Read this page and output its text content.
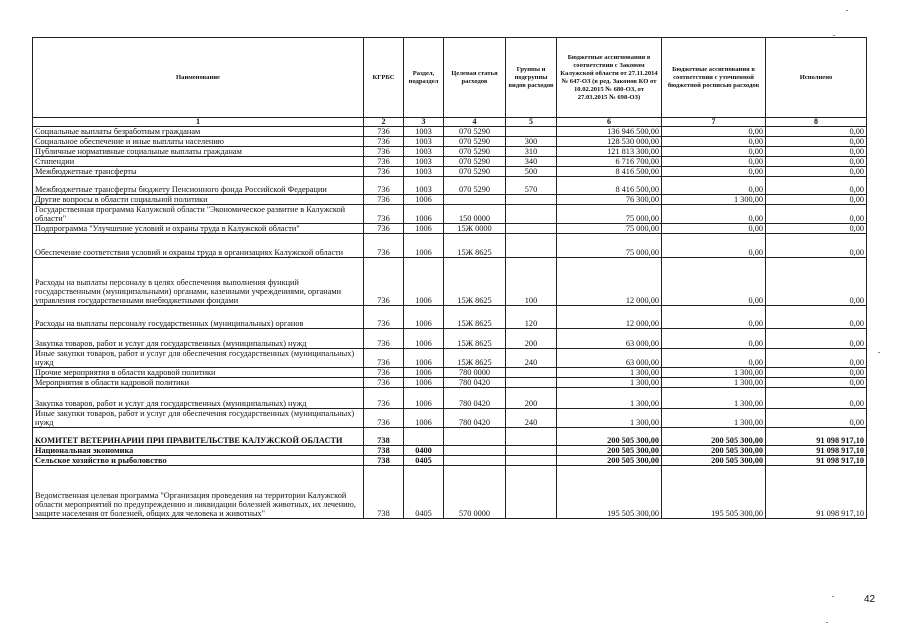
Наименование	КГРБС	Раздел, подраздел	Целевая статья расходов	Группы и подгруппы видов расходов	Бюджетные ассигнования в соответствии с Законом Калужской области от 27.11.2014 № 647-ОЗ (в ред. Законов КО от 10.02.2015 № 680-ОЗ, от 27.03.2015 № 698-ОЗ)	Бюджетные ассигнования в соответствии с уточненной бюджетной росписью расходов	Исполнено
1	2	3	4	5	6	7	8
Социальные выплаты безработным гражданам	736	1003	070 5290		136 946 500,00	0,00	0,00
Социальное обеспечение и иные выплаты населению	736	1003	070 5290	300	128 530 000,00	0,00	0,00
Публичные нормативные социальные выплаты гражданам	736	1003	070 5290	310	121 813 300,00	0,00	0,00
Стипендии	736	1003	070 5290	340	6 716 700,00	0,00	0,00
Межбюджетные трансферты	736	1003	070 5290	500	8 416 500,00	0,00	0,00
Межбюджетные трансферты бюджету Пенсионного фонда Российской Федерации	736	1003	070 5290	570	8 416 500,00	0,00	0,00
Другие вопросы в области социальной политики	736	1006			76 300,00	1 300,00	0,00
Государственная программа Калужской области "Экономическое развитие в Калужской области"	736	1006	150 0000		75 000,00	0,00	0,00
Подпрограмма "Улучшение условий и охраны труда в Калужской области"	736	1006	15Ж 0000		75 000,00	0,00	0,00
Обеспечение соответствия условий и охраны труда в организациях Калужской области	736	1006	15Ж 8625		75 000,00	0,00	0,00
Расходы на выплаты персоналу в целях обеспечения выполнения функций государственными (муниципальными) органами, казенными учреждениями, органами управления государственными внебюджетными фондами	736	1006	15Ж 8625	100	12 000,00	0,00	0,00
Расходы на выплаты персоналу государственных (муниципальных) органов	736	1006	15Ж 8625	120	12 000,00	0,00	0,00
Закупка товаров, работ и услуг для государственных (муниципальных) нужд	736	1006	15Ж 8625	200	63 000,00	0,00	0,00
Иные закупки товаров, работ и услуг для обеспечения государственных (муниципальных) нужд	736	1006	15Ж 8625	240	63 000,00	0,00	0,00
Прочие мероприятия в области кадровой политики	736	1006	780 0000		1 300,00	1 300,00	0,00
Мероприятия в области кадровой политики	736	1006	780 0420		1 300,00	1 300,00	0,00
Закупка товаров, работ и услуг для государственных (муниципальных) нужд	736	1006	780 0420	200	1 300,00	1 300,00	0,00
Иные закупки товаров, работ и услуг для обеспечения государственных (муниципальных) нужд	736	1006	780 0420	240	1 300,00	1 300,00	0,00
КОМИТЕТ ВЕТЕРИНАРИИ ПРИ ПРАВИТЕЛЬСТВЕ КАЛУЖСКОЙ ОБЛАСТИ	738				200 505 300,00	200 505 300,00	91 098 917,10
Национальная экономика	738	0400			200 505 300,00	200 505 300,00	91 098 917,10
Сельское хозяйство и рыболовство	738	0405			200 505 300,00	200 505 300,00	91 098 917,10
Ведомственная целевая программа "Организация проведения на территории Калужской области мероприятий по предупреждению и ликвидации болезней животных, их лечению, защите населения от болезней, общих для человека и животных"	738	0405	570 0000		195 505 300,00	195 505 300,00	91 098 917,10
42
